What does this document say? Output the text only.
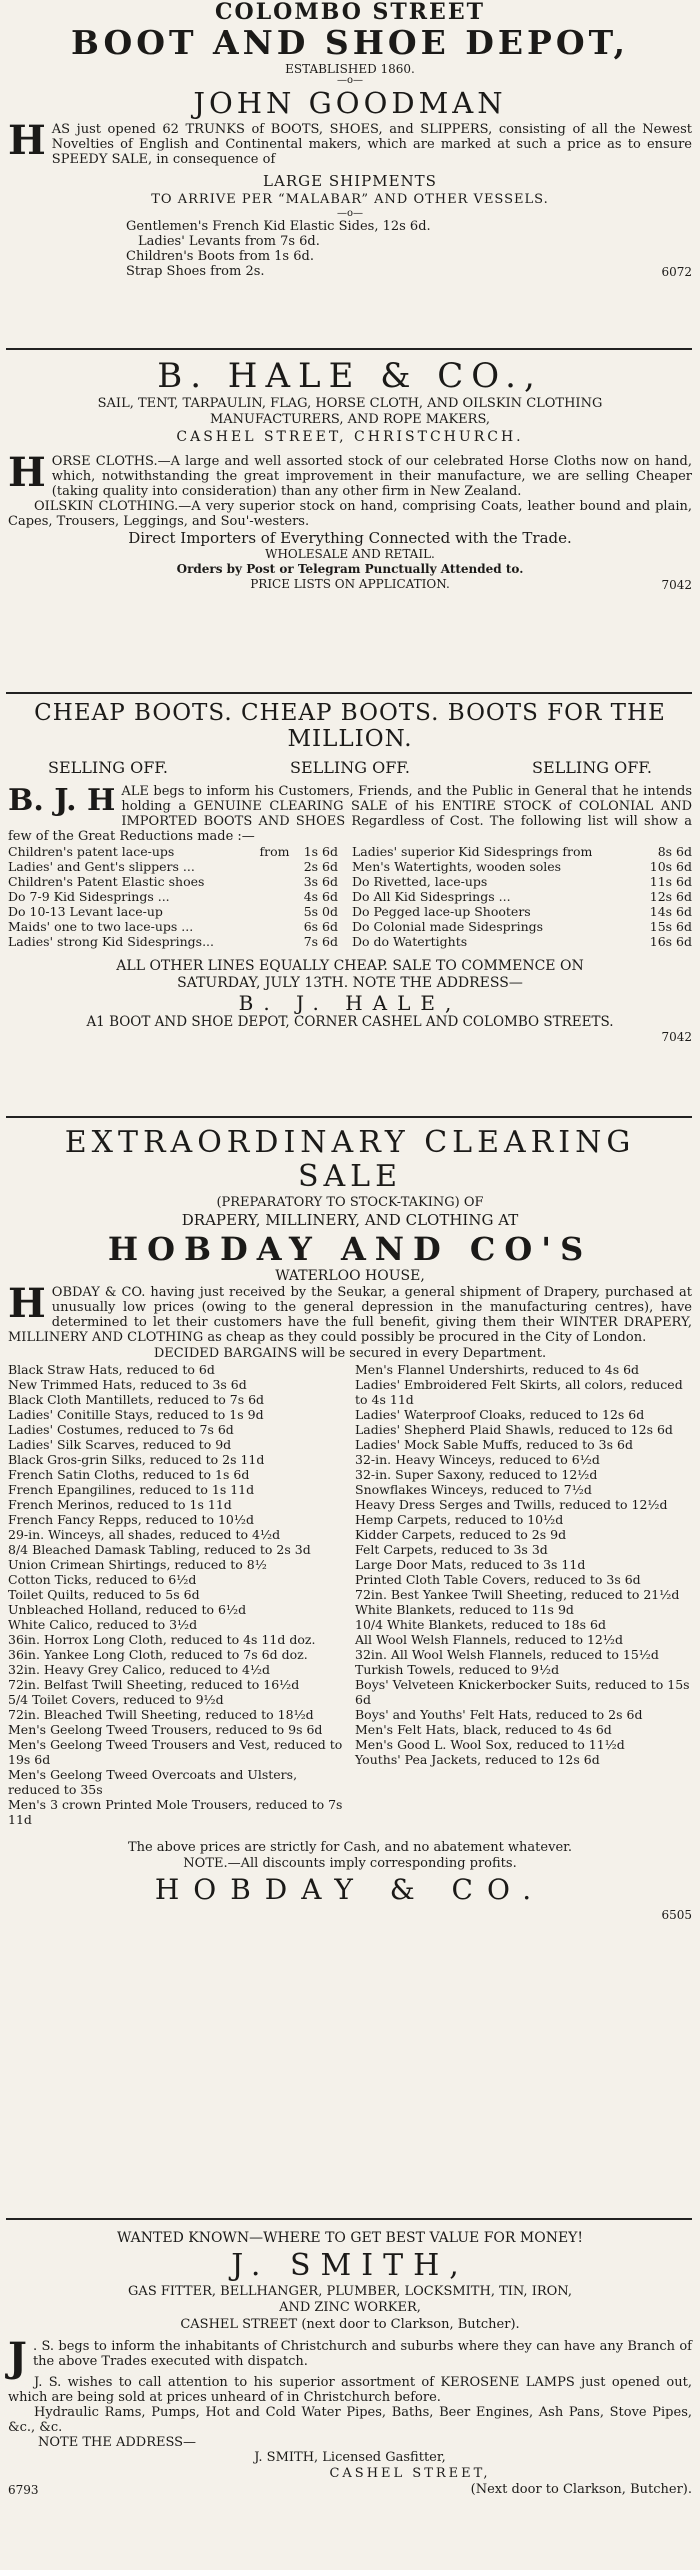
COLOMBO STREET
BOOT AND SHOE DEPOT,
ESTABLISHED 1860.
—o—
JOHN GOODMAN
H AS just opened 62 TRUNKS of BOOTS, SHOES, and SLIPPERS, consisting of all the Newest Novelties of English and Continental makers, which are marked at such a price as to ensure SPEEDY SALE, in consequence of

LARGE SHIPMENTS
TO ARRIVE PER “MALABAR” AND OTHER VESSELS.
—o—

Gentlemen's French Kid Elastic Sides, 12s 6d.

Ladies' Levants from 7s 6d.

Children's Boots from 1s 6d.

Strap Shoes from 2s.	6072

B. HALE & CO.,
SAIL, TENT, TARPAULIN, FLAG, HORSE CLOTH, AND OILSKIN CLOTHING
MANUFACTURERS, AND ROPE MAKERS,
CASHEL STREET, CHRISTCHURCH.
H ORSE CLOTHS.—A large and well assorted stock of our celebrated Horse Cloths now on hand, which, notwithstanding the great improvement in their manufacture, we are selling Cheaper (taking quality into consideration) than any other firm in New Zealand.

OILSKIN CLOTHING.—A very superior stock on hand, comprising Coats, leather bound and plain, Capes, Trousers, Leggings, and Sou'-westers.

Direct Importers of Everything Connected with the Trade.
WHOLESALE AND RETAIL.
Orders by Post or Telegram Punctually Attended to.
PRICE LISTS ON APPLICATION.	7042

CHEAP BOOTS. CHEAP BOOTS. BOOTS FOR THE MILLION.
SELLING OFF.	SELLING OFF.	SELLING OFF.
B. J. H ALE begs to inform his Customers, Friends, and the Public in General that he intends holding a GENUINE CLEARING SALE of his ENTIRE STOCK of COLONIAL AND IMPORTED BOOTS AND SHOES Regardless of Cost. The following list will show a few of the Great Reductions made :—

Children's patent lace-ups	from	1s 6d
Ladies' and Gent's slippers ...		2s 6d
Children's Patent Elastic shoes		3s 6d
Do 7-9 Kid Sidesprings ...		4s 6d
Do 10-13 Levant lace-up		5s 0d
Maids' one to two lace-ups ...		6s 6d
Ladies' strong Kid Sidesprings...		7s 6d
Ladies' superior Kid Sidesprings from	8s 6d
Men's Watertights, wooden soles	10s 6d
Do Rivetted, lace-ups	11s 6d
Do All Kid Sidesprings ...	12s 6d
Do Pegged lace-up Shooters	14s 6d
Do Colonial made Sidesprings	15s 6d
Do do Watertights	16s 6d
ALL OTHER LINES EQUALLY CHEAP. SALE TO COMMENCE ON
SATURDAY, JULY 13TH. NOTE THE ADDRESS—
B. J. HALE,
A1 BOOT AND SHOE DEPOT, CORNER CASHEL AND COLOMBO STREETS.

7042

EXTRAORDINARY CLEARING SALE
(PREPARATORY TO STOCK-TAKING) OF
DRAPERY, MILLINERY, AND CLOTHING AT
HOBDAY AND CO'S
WATERLOO HOUSE,
H OBDAY & CO. having just received by the Seukar, a general shipment of Drapery, purchased at unusually low prices (owing to the general depression in the manufacturing centres), have determined to let their customers have the full benefit, giving them their WINTER DRAPERY, MILLINERY AND CLOTHING as cheap as they could possibly be procured in the City of London.

DECIDED BARGAINS will be secured in every Department.

Black Straw Hats, reduced to 6d

New Trimmed Hats, reduced to 3s 6d

Black Cloth Mantillets, reduced to 7s 6d

Ladies' Conitille Stays, reduced to 1s 9d

Ladies' Costumes, reduced to 7s 6d

Ladies' Silk Scarves, reduced to 9d

Black Gros-grin Silks, reduced to 2s 11d

French Satin Cloths, reduced to 1s 6d

French Epangilines, reduced to 1s 11d

French Merinos, reduced to 1s 11d

French Fancy Repps, reduced to 10½d

29-in. Winceys, all shades, reduced to 4½d

8/4 Bleached Damask Tabling, reduced to 2s 3d

Union Crimean Shirtings, reduced to 8½

Cotton Ticks, reduced to 6½d

Toilet Quilts, reduced to 5s 6d

Unbleached Holland, reduced to 6½d

White Calico, reduced to 3½d

36in. Horrox Long Cloth, reduced to 4s 11d doz.

36in. Yankee Long Cloth, reduced to 7s 6d doz.

32in. Heavy Grey Calico, reduced to 4½d

72in. Belfast Twill Sheeting, reduced to 16½d

5/4 Toilet Covers, reduced to 9½d

72in. Bleached Twill Sheeting, reduced to 18½d

Men's Geelong Tweed Trousers, reduced to 9s 6d

Men's Geelong Tweed Trousers and Vest, reduced to 19s 6d

Men's Geelong Tweed Overcoats and Ulsters, reduced to 35s

Men's 3 crown Printed Mole Trousers, reduced to 7s 11d

Men's Flannel Undershirts, reduced to 4s 6d

Ladies' Embroidered Felt Skirts, all colors, reduced to 4s 11d

Ladies' Waterproof Cloaks, reduced to 12s 6d

Ladies' Shepherd Plaid Shawls, reduced to 12s 6d

Ladies' Mock Sable Muffs, reduced to 3s 6d

32-in. Heavy Winceys, reduced to 6½d

32-in. Super Saxony, reduced to 12½d

Snowflakes Winceys, reduced to 7½d

Heavy Dress Serges and Twills, reduced to 12½d

Hemp Carpets, reduced to 10½d

Kidder Carpets, reduced to 2s 9d

Felt Carpets, reduced to 3s 3d

Large Door Mats, reduced to 3s 11d

Printed Cloth Table Covers, reduced to 3s 6d

72in. Best Yankee Twill Sheeting, reduced to 21½d

White Blankets, reduced to 11s 9d

10/4 White Blankets, reduced to 18s 6d

All Wool Welsh Flannels, reduced to 12½d

32in. All Wool Welsh Flannels, reduced to 15½d

Turkish Towels, reduced to 9½d

Boys' Velveteen Knickerbocker Suits, reduced to 15s 6d

Boys' and Youths' Felt Hats, reduced to 2s 6d

Men's Felt Hats, black, reduced to 4s 6d

Men's Good L. Wool Sox, reduced to 11½d

Youths' Pea Jackets, reduced to 12s 6d

The above prices are strictly for Cash, and no abatement whatever.
NOTE.—All discounts imply corresponding profits.
HOBDAY & CO.

6505

WANTED KNOWN—WHERE TO GET BEST VALUE FOR MONEY!
J. SMITH,
GAS FITTER, BELLHANGER, PLUMBER, LOCKSMITH, TIN, IRON,
AND ZINC WORKER,
CASHEL STREET (next door to Clarkson, Butcher).
J . S. begs to inform the inhabitants of Christchurch and suburbs where they can have any Branch of the above Trades executed with dispatch.

J. S. wishes to call attention to his superior assortment of KEROSENE LAMPS just opened out, which are being sold at prices unheard of in Christchurch before.

Hydraulic Rams, Pumps, Hot and Cold Water Pipes, Baths, Beer Engines, Ash Pans, Stove Pipes, &c., &c.

NOTE THE ADDRESS—

J. SMITH, Licensed Gasfitter,
CASHEL STREET,
6793	(Next door to Clarkson, Butcher).
